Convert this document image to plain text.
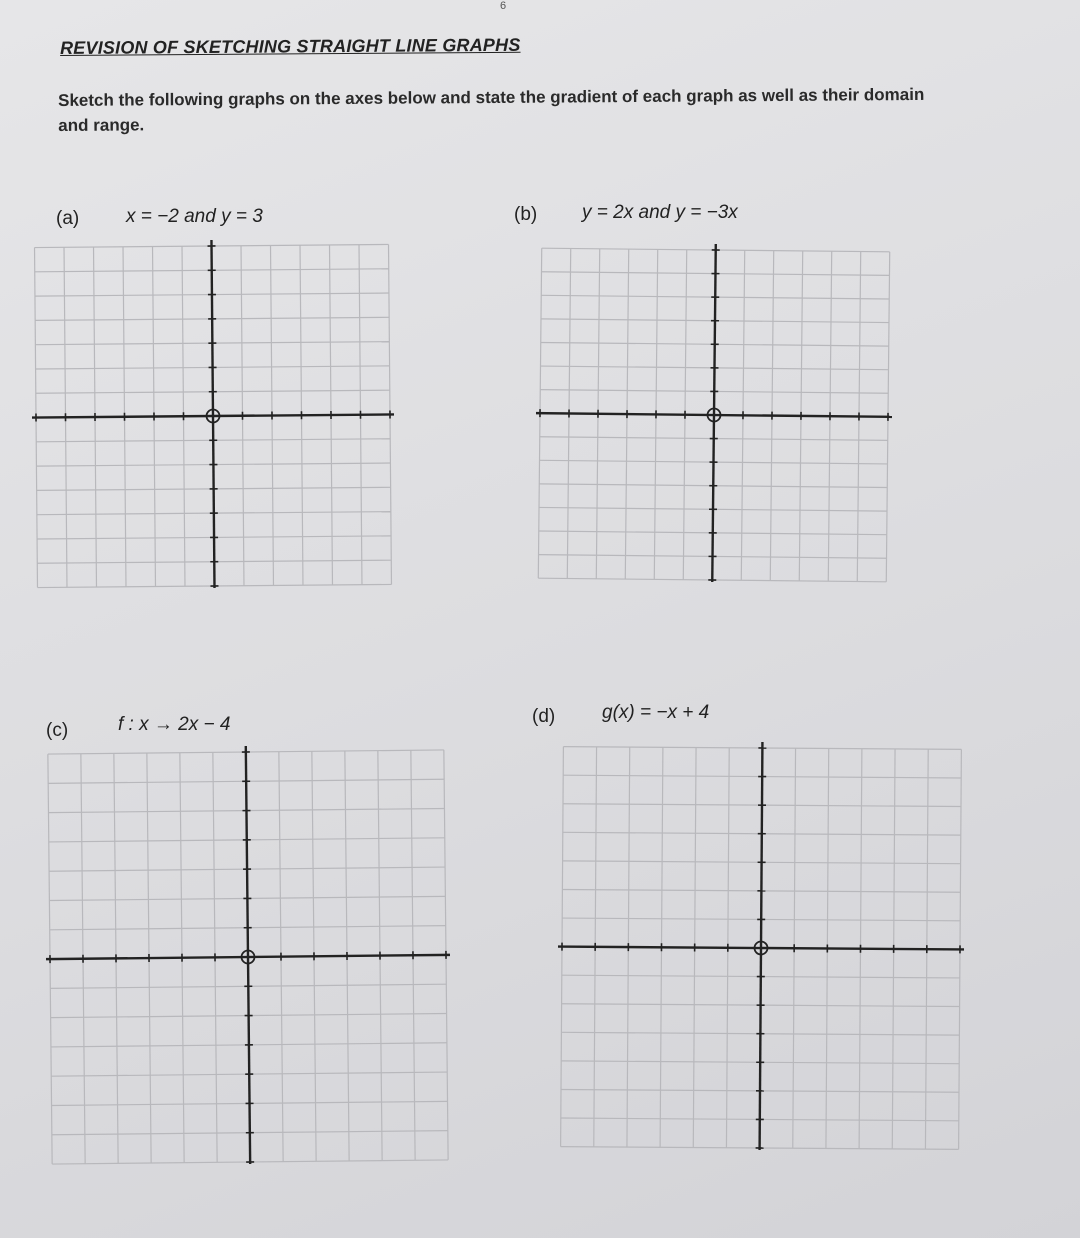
6
REVISION OF SKETCHING STRAIGHT LINE GRAPHS
Sketch the following graphs on the axes below and state the gradient of each graph as well as their domain and range.
(a) x = −2 and y = 3	(b) y = 2x and y = −3x
(c)	f : x → 2x − 4	(d) g(x) = −x + 4
